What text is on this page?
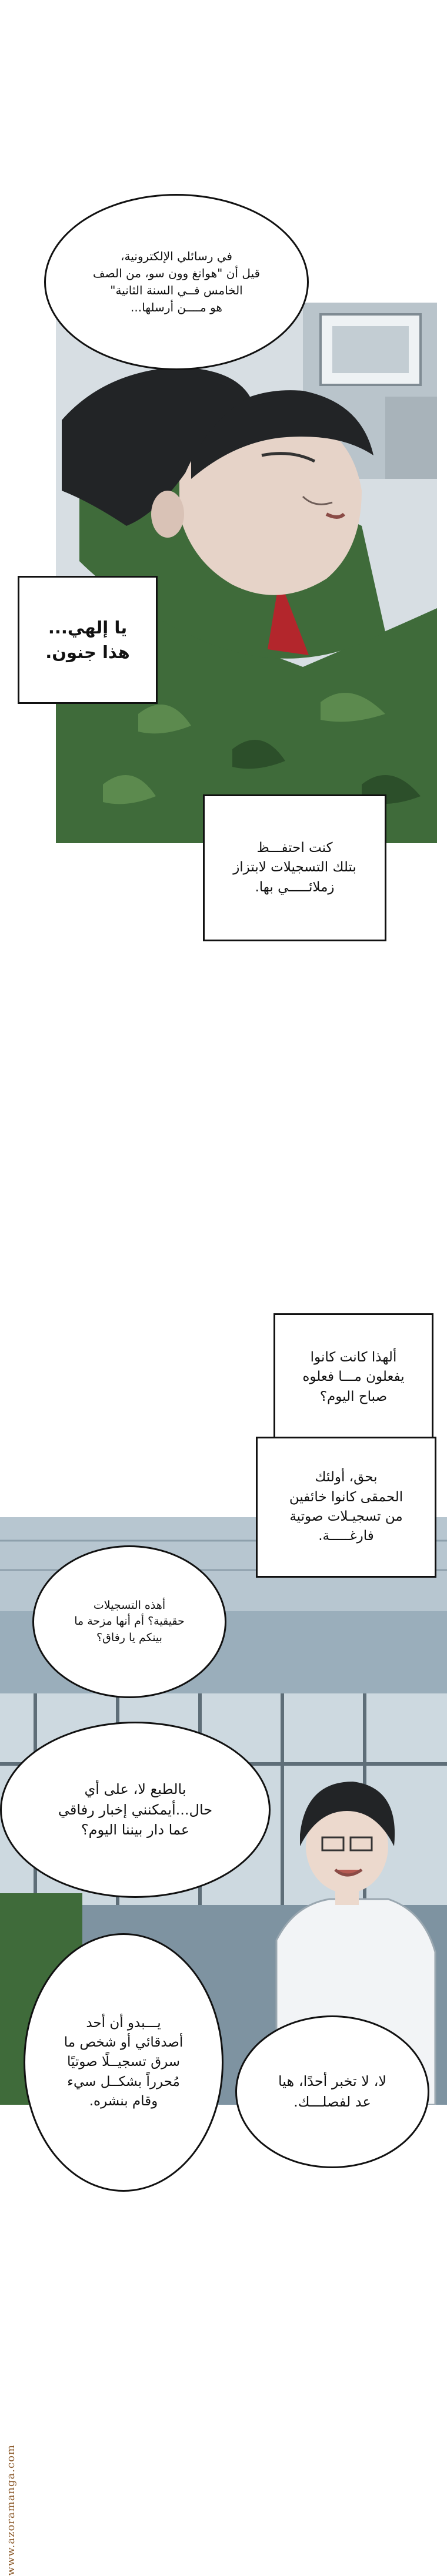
في رسائلي الإلكترونية،
قيل أن "هوانغ وون سو، من الصف
الخامس فــي السنة الثانية"
هو مــــن أرسلها...
يا إلهي...
هذا جنون.
كنت احتفـــظ
بتلك التسجيلات لابتزاز
زملائـــــي بها.
ألهذا كانت كانوا
يفعلون مـــا فعلوه
صباح اليوم؟
بحق، أولئك
الحمقى كانوا خائفين
من تسجيـلات صوتية
فارغـــــة.
أهذه التسجيلات
حقيقية؟ أم أنها مزحة ما
بينكم يا رفاق؟
بالطبع لا، على أي
حال...أيمكنني إخبار رفاقي
عما دار بيننا اليوم؟
يـــبدو أن أحد
أصدقائي أو شخص ما
سرق تسجيــلًا صوتيًا
مُحرراً بشكــل سيء
وقام بنشره.
لا، لا تخبر أحدًا، هيا
عد لفصلـــك.
www.azoramanga.com
